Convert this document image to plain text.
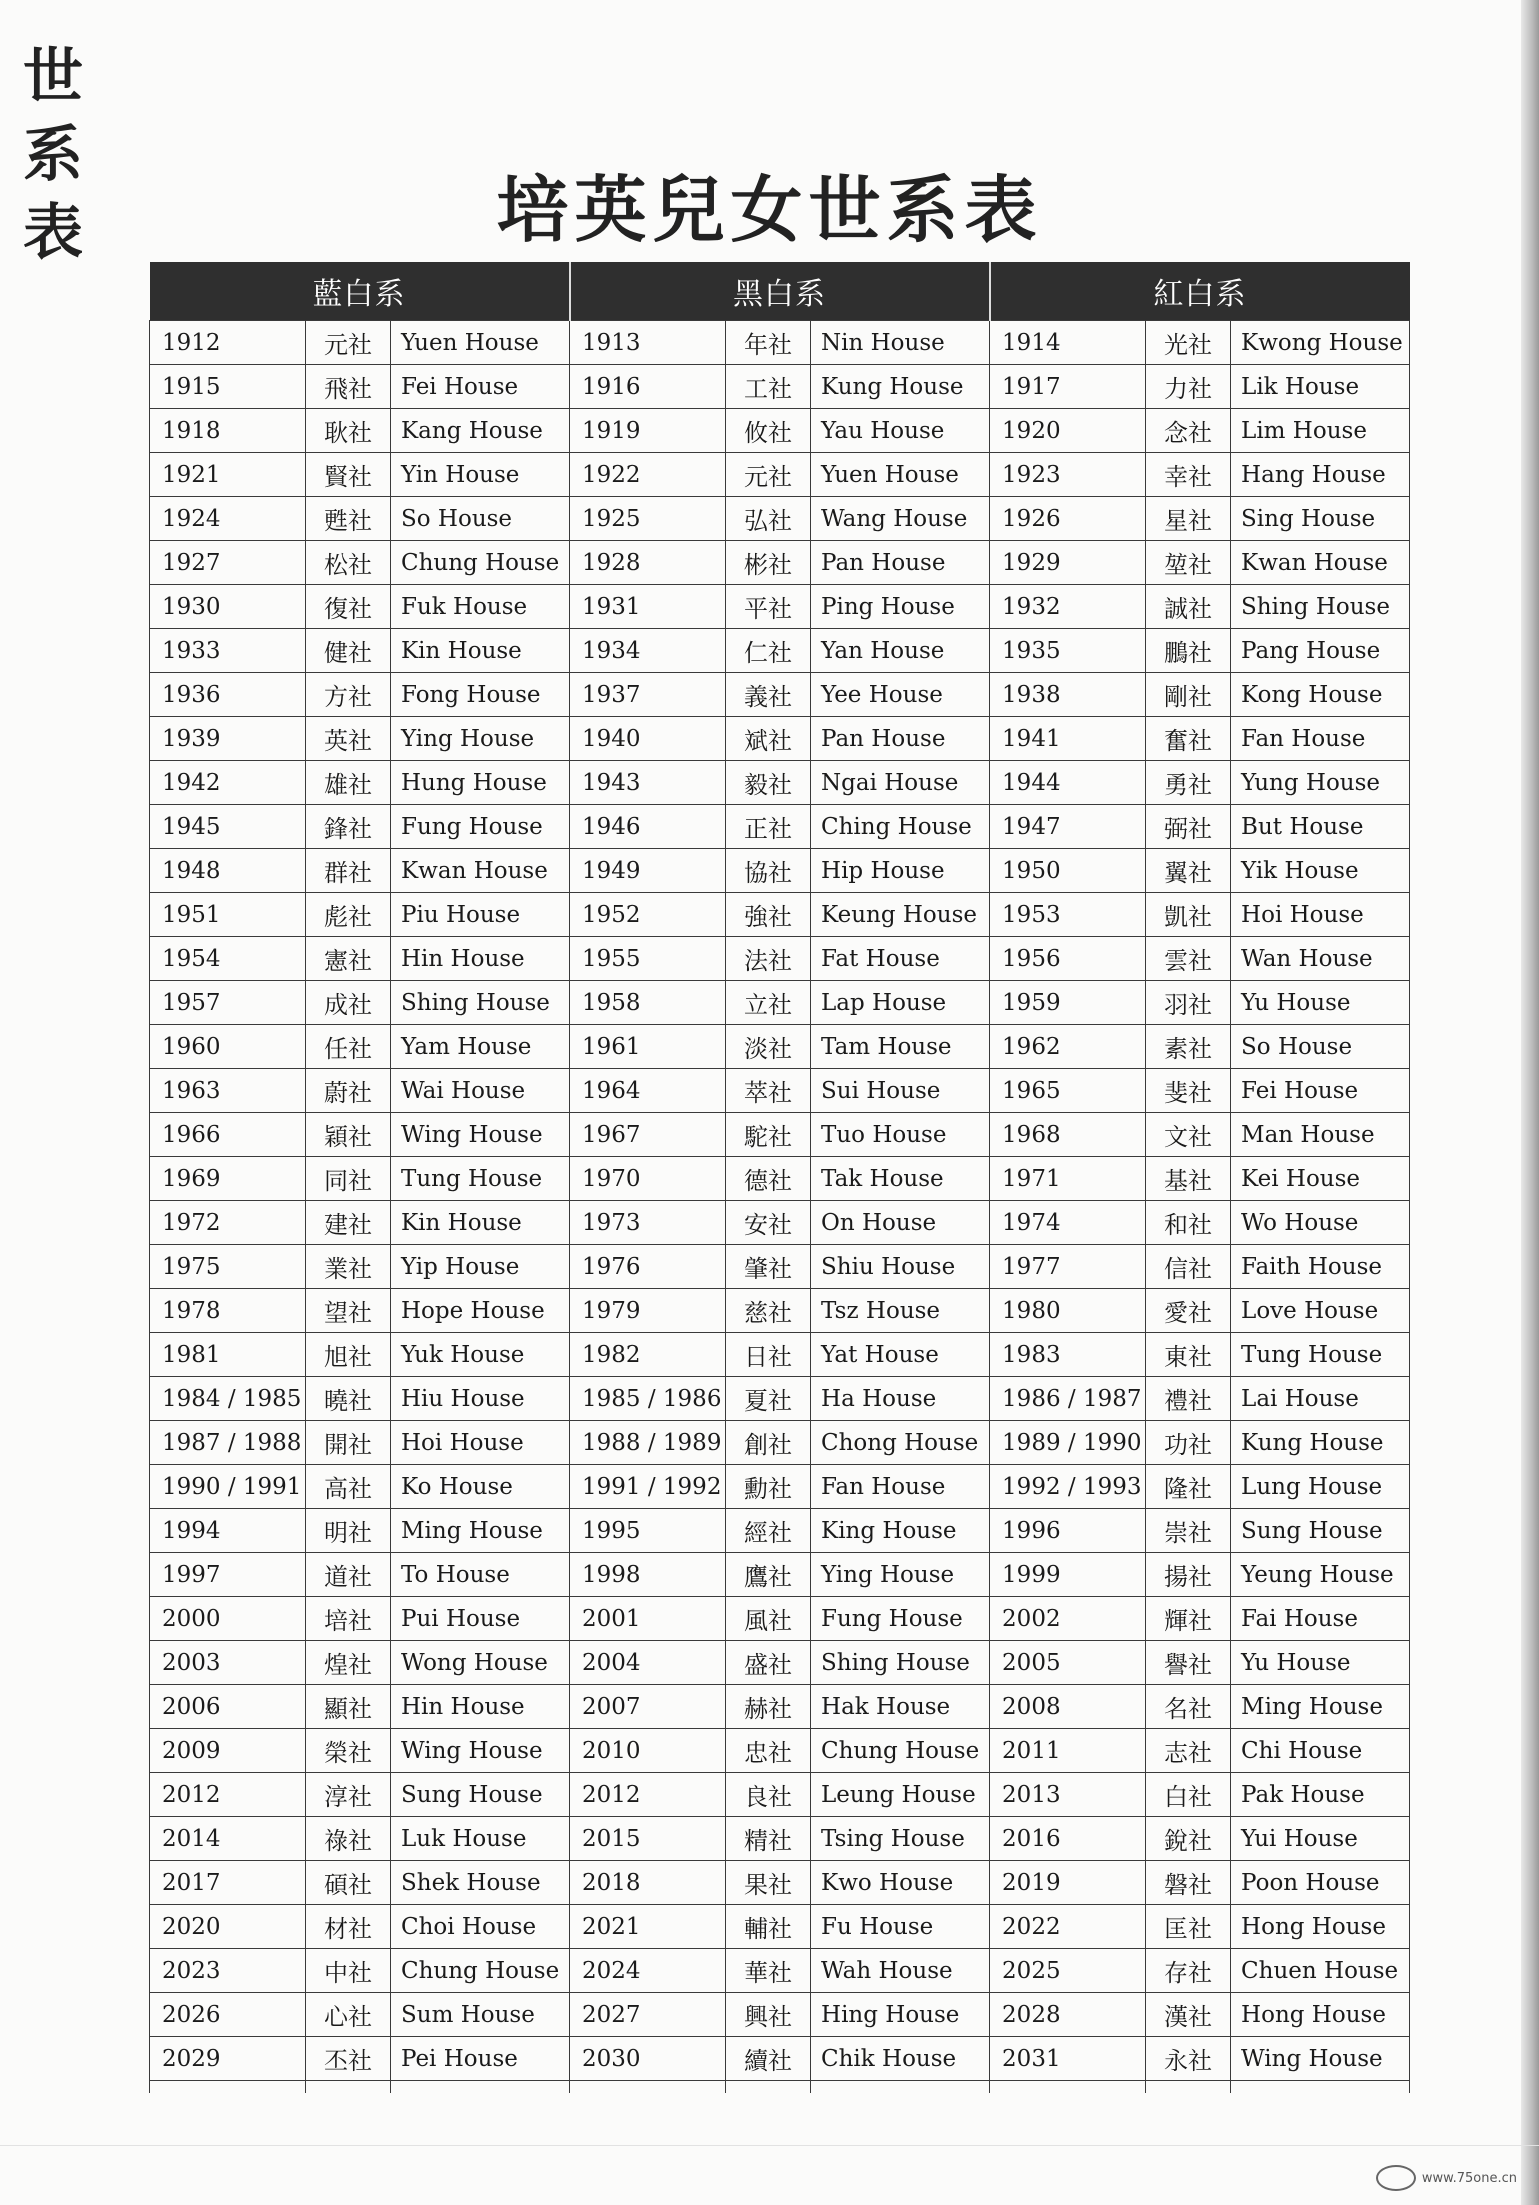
世
系
表	培英兒女世系表
藍白系			黑白系			紅白系		
1912	元社	Yuen House	1913	年社	Nin House	1914	光社	Kwong House
1915	飛社	Fei House	1916	工社	Kung House	1917	力社	Lik House
1918	耿社	Kang House	1919	攸社	Yau House	1920	念社	Lim House
1921	賢社	Yin House	1922	元社	Yuen House	1923	幸社	Hang House
1924	甦社	So House	1925	弘社	Wang House	1926	星社	Sing House
1927	松社	Chung House	1928	彬社	Pan House	1929	堃社	Kwan House
1930	復社	Fuk House	1931	平社	Ping House	1932	誠社	Shing House
1933	健社	Kin House	1934	仁社	Yan House	1935	鵬社	Pang House
1936	方社	Fong House	1937	義社	Yee House	1938	剛社	Kong House
1939	英社	Ying House	1940	斌社	Pan House	1941	奮社	Fan House
1942	雄社	Hung House	1943	毅社	Ngai House	1944	勇社	Yung House
1945	鋒社	Fung House	1946	正社	Ching House	1947	弼社	But House
1948	群社	Kwan House	1949	協社	Hip House	1950	翼社	Yik House
1951	彪社	Piu House	1952	強社	Keung House	1953	凱社	Hoi House
1954	憲社	Hin House	1955	法社	Fat House	1956	雲社	Wan House
1957	成社	Shing House	1958	立社	Lap House	1959	羽社	Yu House
1960	任社	Yam House	1961	淡社	Tam House	1962	素社	So House
1963	蔚社	Wai House	1964	萃社	Sui House	1965	斐社	Fei House
1966	穎社	Wing House	1967	駝社	Tuo House	1968	文社	Man House
1969	同社	Tung House	1970	德社	Tak House	1971	基社	Kei House
1972	建社	Kin House	1973	安社	On House	1974	和社	Wo House
1975	業社	Yip House	1976	肇社	Shiu House	1977	信社	Faith House
1978	望社	Hope House	1979	慈社	Tsz House	1980	愛社	Love House
1981	旭社	Yuk House	1982	日社	Yat House	1983	東社	Tung House
1984 / 1985	曉社	Hiu House	1985 / 1986	夏社	Ha House	1986 / 1987	禮社	Lai House
1987 / 1988	開社	Hoi House	1988 / 1989	創社	Chong House	1989 / 1990	功社	Kung House
1990 / 1991	高社	Ko House	1991 / 1992	勳社	Fan House	1992 / 1993	隆社	Lung House
1994	明社	Ming House	1995	經社	King House	1996	崇社	Sung House
1997	道社	To House	1998	鷹社	Ying House	1999	揚社	Yeung House
2000	培社	Pui House	2001	風社	Fung House	2002	輝社	Fai House
2003	煌社	Wong House	2004	盛社	Shing House	2005	譽社	Yu House
2006	顯社	Hin House	2007	赫社	Hak House	2008	名社	Ming House
2009	榮社	Wing House	2010	忠社	Chung House	2011	志社	Chi House
2012	淳社	Sung House	2012	良社	Leung House	2013	白社	Pak House
2014	祿社	Luk House	2015	精社	Tsing House	2016	銳社	Yui House
2017	碩社	Shek House	2018	果社	Kwo House	2019	磐社	Poon House
2020	材社	Choi House	2021	輔社	Fu House	2022	匡社	Hong House
2023	中社	Chung House	2024	華社	Wah House	2025	存社	Chuen House
2026	心社	Sum House	2027	興社	Hing House	2028	漢社	Hong House
2029	丕社	Pei House	2030	續社	Chik House	2031	永社	Wing House

www.75one.cn
